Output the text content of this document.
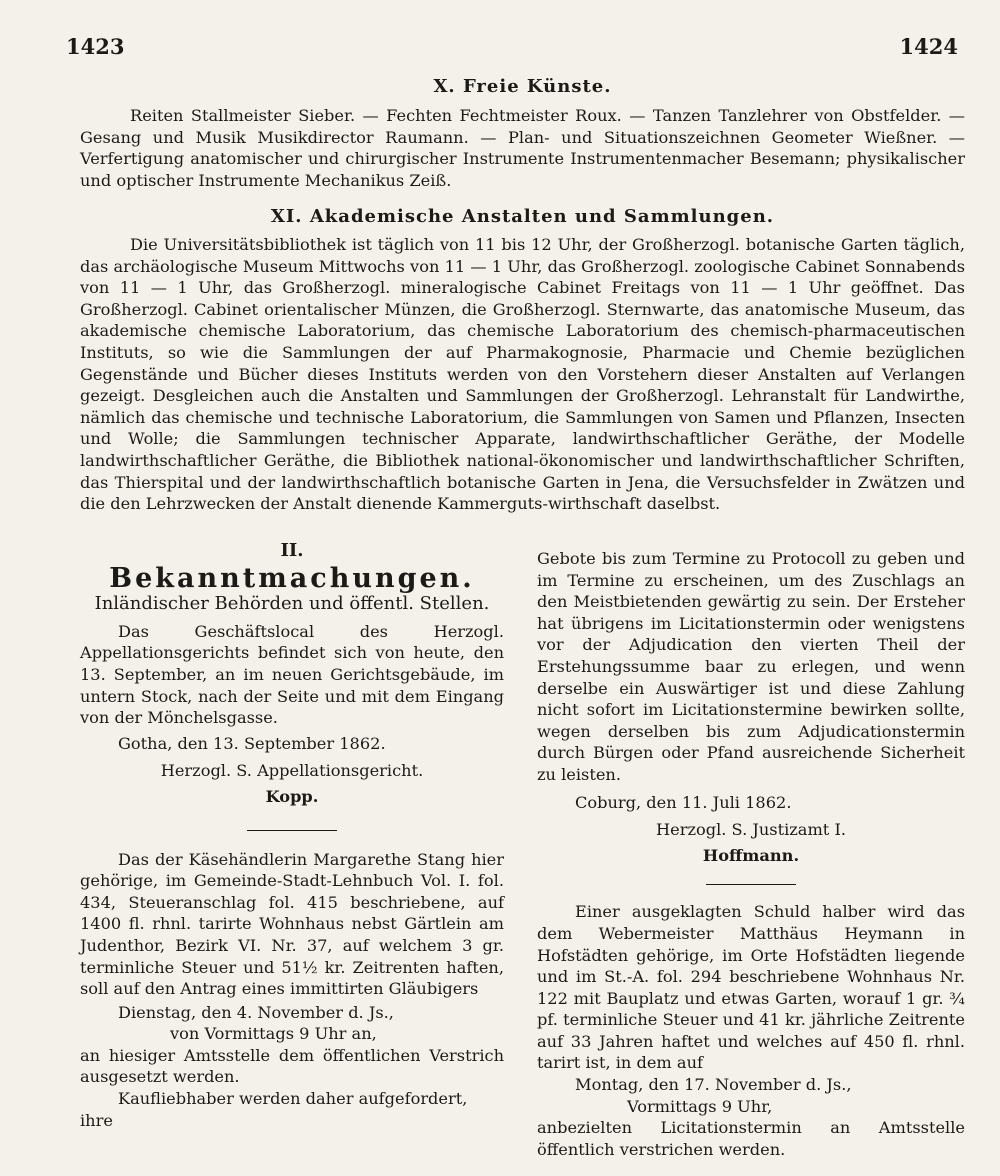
1423	1424
X. Freie Künste.

Reiten Stallmeister Sieber. — Fechten Fechtmeister Roux. — Tanzen Tanzlehrer von Obstfelder. — Gesang und Musik Musikdirector Raumann. — Plan- und Situationszeichnen Geometer Wießner. — Verfertigung anatomischer und chirurgischer Instrumente Instrumentenmacher Besemann; physikalischer und optischer Instrumente Mechanikus Zeiß.

XI. Akademische Anstalten und Sammlungen.

Die Universitätsbibliothek ist täglich von 11 bis 12 Uhr, der Großherzogl. botanische Garten täglich, das archäologische Museum Mittwochs von 11 — 1 Uhr, das Großherzogl. zoologische Cabinet Sonnabends von 11 — 1 Uhr, das Großherzogl. mineralogische Cabinet Freitags von 11 — 1 Uhr geöffnet. Das Großherzogl. Cabinet orientalischer Münzen, die Großherzogl. Sternwarte, das anatomische Museum, das akademische chemische Laboratorium, das chemische Laboratorium des chemisch-pharmaceutischen Instituts, so wie die Sammlungen der auf Pharmakognosie, Pharmacie und Chemie bezüglichen Gegenstände und Bücher dieses Instituts werden von den Vorstehern dieser Anstalten auf Verlangen gezeigt. Desgleichen auch die Anstalten und Sammlungen der Großherzogl. Lehranstalt für Landwirthe, nämlich das chemische und technische Laboratorium, die Sammlungen von Samen und Pflanzen, Insecten und Wolle; die Sammlungen technischer Apparate, landwirthschaftlicher Geräthe, der Modelle landwirthschaftlicher Geräthe, die Bibliothek national-ökonomischer und landwirthschaftlicher Schriften, das Thierspital und der landwirthschaftlich botanische Garten in Jena, die Versuchsfelder in Zwätzen und die den Lehrzwecken der Anstalt dienende Kammerguts-wirthschaft daselbst.

II.
Bekanntmachungen.
Inländischer Behörden und öffentl. Stellen.

Das Geschäftslocal des Herzogl. Appellationsgerichts befindet sich von heute, den 13. September, an im neuen Gerichtsgebäude, im untern Stock, nach der Seite und mit dem Eingang von der Mönchelsgasse.

Gotha, den 13. September 1862.

Herzogl. S. Appellationsgericht.

Kopp.

Das der Käsehändlerin Margarethe Stang hier gehörige, im Gemeinde-Stadt-Lehnbuch Vol. I. fol. 434, Steueranschlag fol. 415 beschriebene, auf 1400 fl. rhnl. tarirte Wohnhaus nebst Gärtlein am Judenthor, Bezirk VI. Nr. 37, auf welchem 3 gr. terminliche Steuer und 51½ kr. Zeitrenten haften, soll auf den Antrag eines immittirten Gläubigers

Dienstag, den 4. November d. Js.,

von Vormittags 9 Uhr an,

an hiesiger Amtsstelle dem öffentlichen Verstrich ausgesetzt werden.

Kaufliebhaber werden daher aufgefordert, ihre

Gebote bis zum Termine zu Protocoll zu geben und im Termine zu erscheinen, um des Zuschlags an den Meistbietenden gewärtig zu sein. Der Ersteher hat übrigens im Licitationstermin oder wenigstens vor der Adjudication den vierten Theil der Erstehungssumme baar zu erlegen, und wenn derselbe ein Auswärtiger ist und diese Zahlung nicht sofort im Licitationstermine bewirken sollte, wegen derselben bis zum Adjudicationstermin durch Bürgen oder Pfand ausreichende Sicherheit zu leisten.

Coburg, den 11. Juli 1862.

Herzogl. S. Justizamt I.

Hoffmann.

Einer ausgeklagten Schuld halber wird das dem Webermeister Matthäus Heymann in Hofstädten gehörige, im Orte Hofstädten liegende und im St.-A. fol. 294 beschriebene Wohnhaus Nr. 122 mit Bauplatz und etwas Garten, worauf 1 gr. ¾ pf. terminliche Steuer und 41 kr. jährliche Zeitrente auf 33 Jahren haftet und welches auf 450 fl. rhnl. tarirt ist, in dem auf

Montag, den 17. November d. Js.,

Vormittags 9 Uhr,

anbezielten Licitationstermin an Amtsstelle öffentlich verstrichen werden.
